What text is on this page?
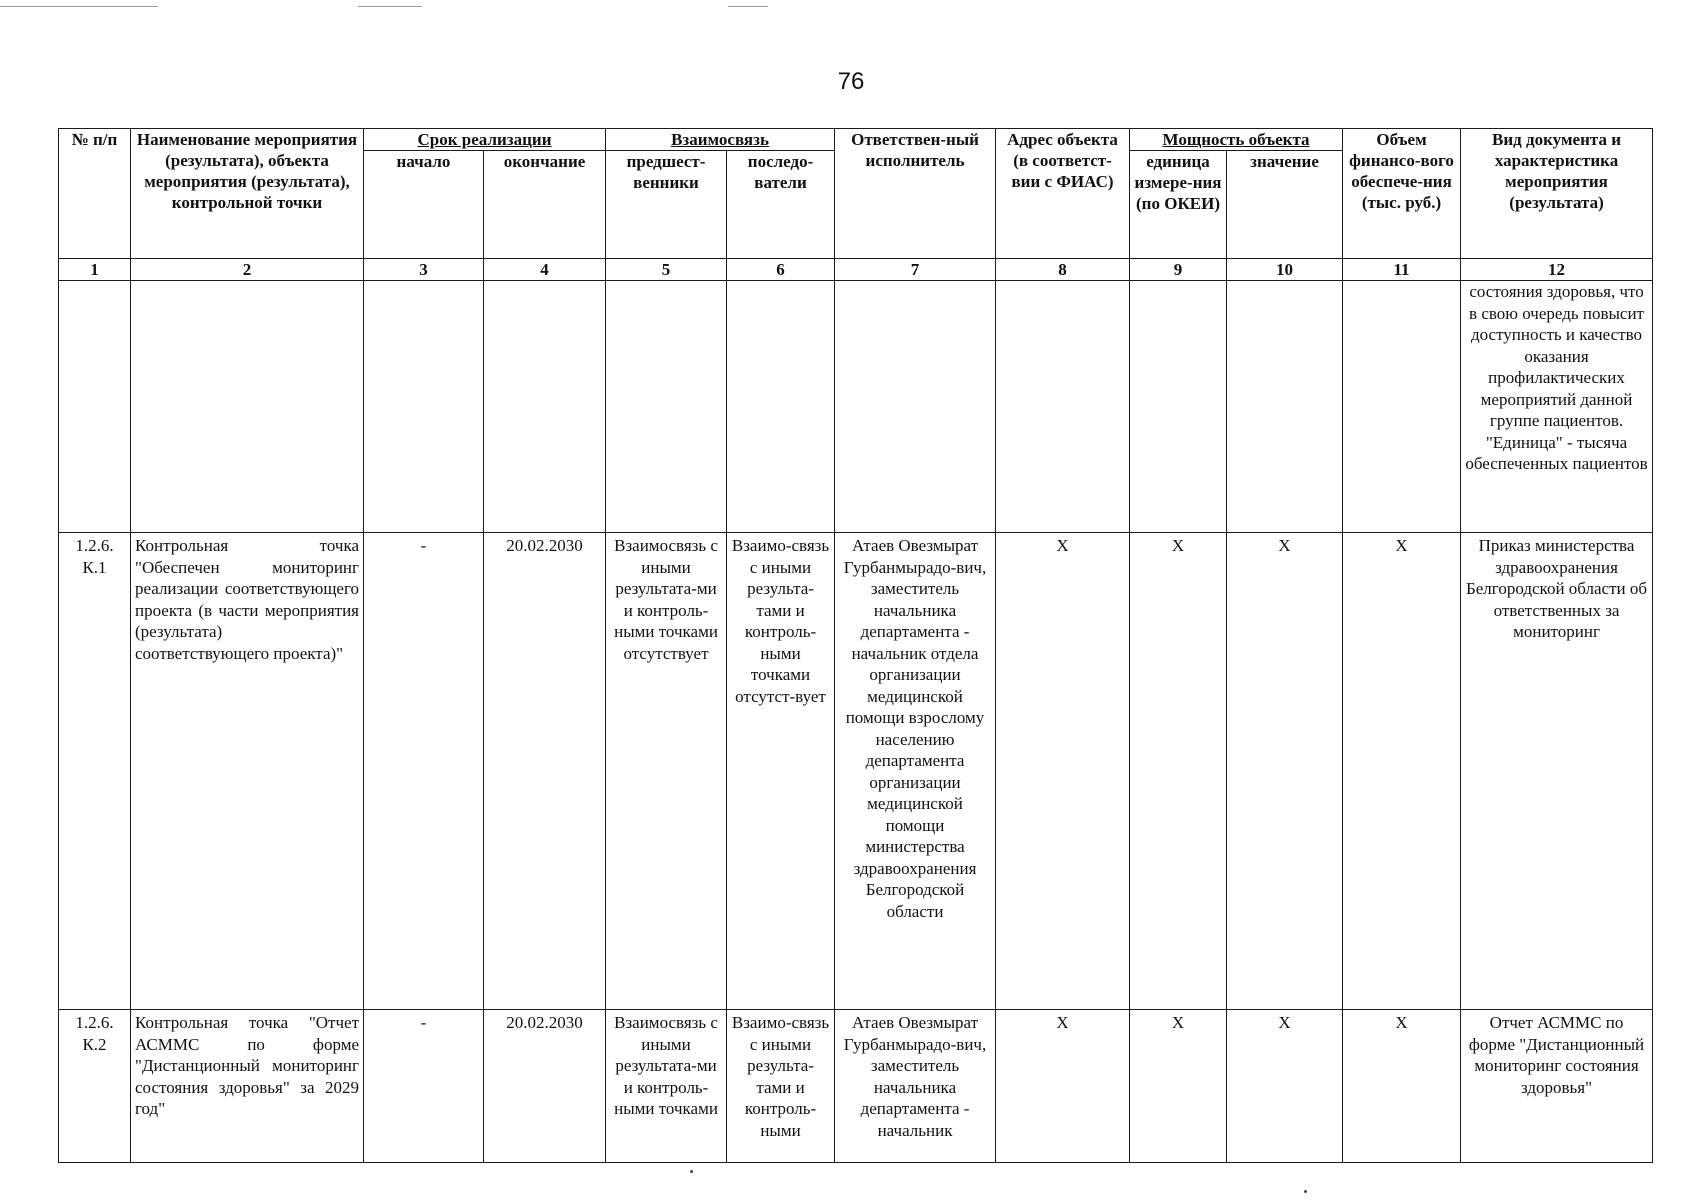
76
№ п/п	Наименование мероприятия (результата), объекта мероприятия (результата), контрольной точки	Срок реализации		Взаимосвязь		Ответствен-ный исполнитель	Адрес объекта (в соответст-вии с ФИАС)	Мощность объекта		Объем финансо-вого обеспече-ния (тыс. руб.)	Вид документа и характеристика мероприятия (результата)
		начало	окончание	предшест-венники	последо-ватели			единица измере-ния (по ОКЕИ)	значение		
1	2	3	4	5	6	7	8	9	10	11	12
											состояния здоровья, что в свою очередь повысит доступность и качество оказания профилактических мероприятий данной группе пациентов. "Единица" - тысяча обеспеченных пациентов
1.2.6. К.1	Контрольная точка "Обеспечен мониторинг реализации соответствующего проекта (в части мероприятия (результата) соответствующего проекта)"	-	20.02.2030	Взаимосвязь с иными результата-ми и контроль-ными точками отсутствует	Взаимо-связь с иными результа-тами и контроль-ными точками отсутст-вует	Атаев Овезмырат Гурбанмырадо-вич, заместитель начальника департамента - начальник отдела организации медицинской помощи взрослому населению департамента организации медицинской помощи министерства здравоохранения Белгородской области	X	X	X	X	Приказ министерства здравоохранения Белгородской области об ответственных за мониторинг
1.2.6. К.2	Контрольная точка "Отчет АСММС по форме "Дистанционный мониторинг состояния здоровья" за 2029 год"	-	20.02.2030	Взаимосвязь с иными результата-ми и контроль-ными точками	Взаимо-связь с иными результа-тами и контроль-ными	Атаев Овезмырат Гурбанмырадо-вич, заместитель начальника департамента - начальник	X	X	X	X	Отчет АСММС по форме "Дистанционный мониторинг состояния здоровья"
